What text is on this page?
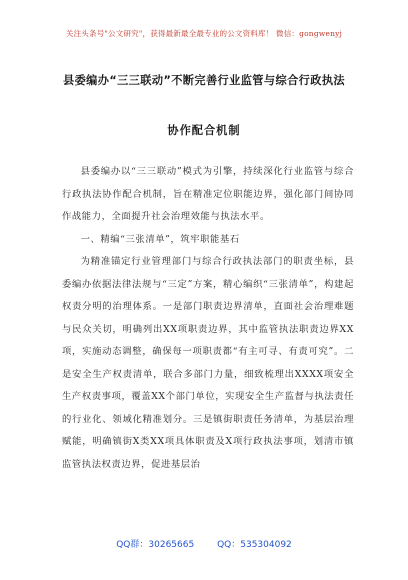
关注头条号"公文研究"，获得最新最全最专业的公文资料库！ 微信：gongwenyj
县委编办“三三联动”不断完善行业监管与综合行政执法
协作配合机制

县委编办以“三三联动”模式为引擎，持续深化行业监管与综合行政执法协作配合机制，旨在精准定位职能边界，强化部门间协同作战能力，全面提升社会治理效能与执法水平。

一、精编“三张清单”，筑牢职能基石

为精准锚定行业管理部门与综合行政执法部门的职责坐标，县委编办依据法律法规与“三定”方案，精心编织“三张清单”，构建起权责分明的治理体系。一是部门职责边界清单，直面社会治理难题与民众关切，明确列出XX项职责边界，其中监管执法职责边界XX项，实施动态调整，确保每一项职责都“有主可寻、有责可究”。二是安全生产权责清单，联合多部门力量，细致梳理出XXXX项安全生产权责事项，覆盖XX个部门单位，实现安全生产监督与执法责任的行业化、领域化精准划分。三是镇街职责任务清单，为基层治理赋能，明确镇街X类XX项具体职责及X项行政执法事项，划清市镇监管执法权责边界，促进基层治

QQ群：30265665	QQ：535304092
